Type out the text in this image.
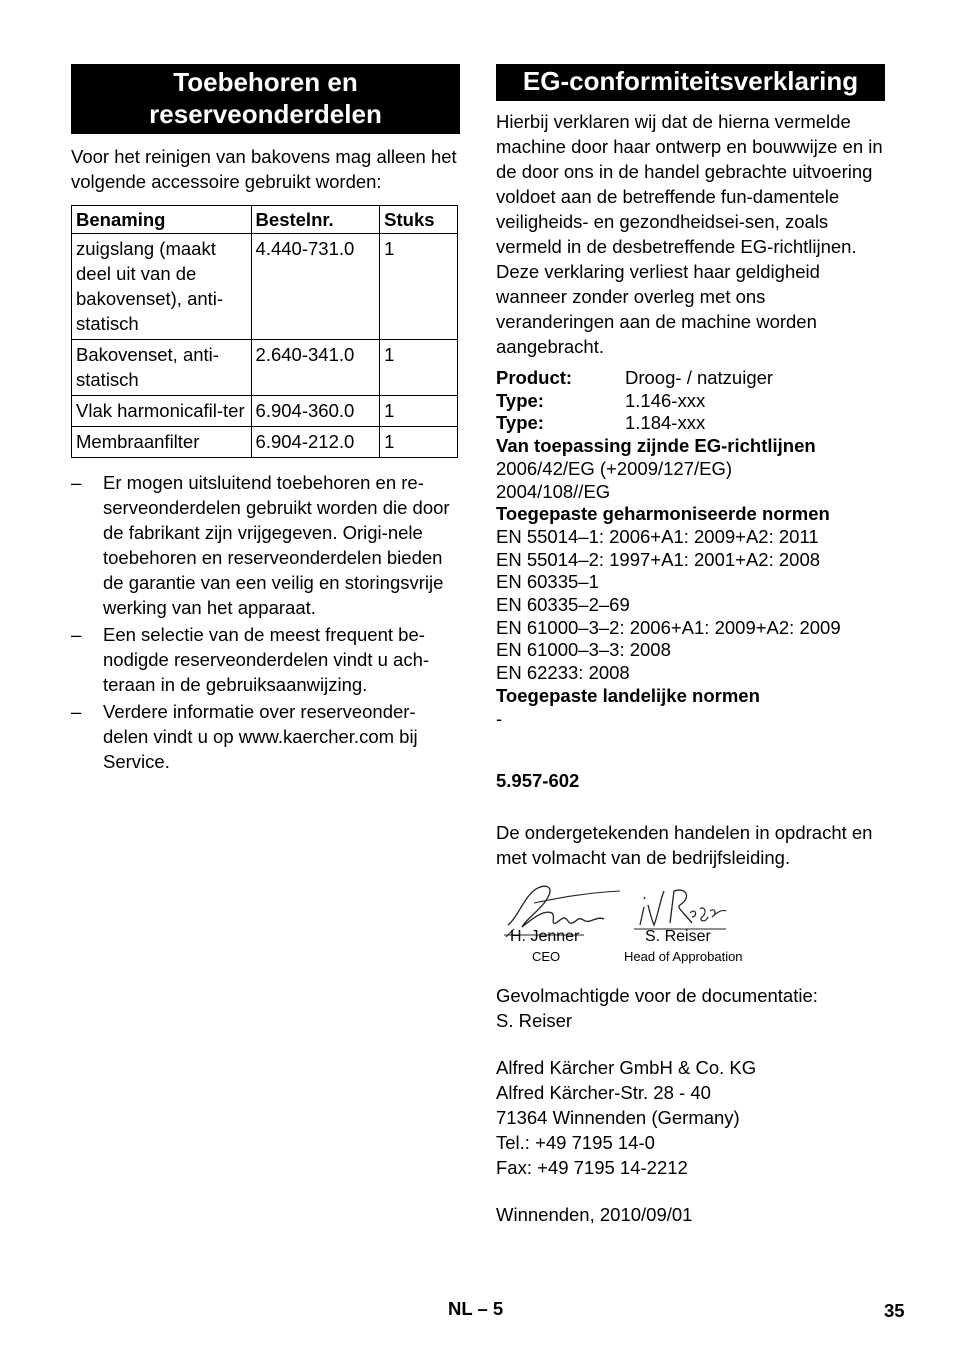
Toebehoren en
reserveonderdelen

Voor het reinigen van bakovens mag alleen het volgende accessoire gebruikt worden:

Benaming	Bestelnr.	Stuks
zuigslang (maakt deel uit van de bakovenset), anti-statisch	4.440-731.0	1
Bakovenset, anti-statisch	2.640-341.0	1
Vlak harmonicafil-ter	6.904-360.0	1
Membraanfilter	6.904-212.0	1
– Er mogen uitsluitend toebehoren en re-serveonderdelen gebruikt worden die door de fabrikant zijn vrijgegeven. Origi-nele toebehoren en reserveonderdelen bieden de garantie van een veilig en storingsvrije werking van het apparaat.
– Een selectie van de meest frequent be-nodigde reserveonderdelen vindt u ach-teraan in de gebruiksaanwijzing.
– Verdere informatie over reserveonder-delen vindt u op www.kaercher.com bij Service.
EG-conformiteitsverklaring

Hierbij verklaren wij dat de hierna vermelde machine door haar ontwerp en bouwwijze en in de door ons in de handel gebrachte uitvoering voldoet aan de betreffende fun-damentele veiligheids- en gezondheidsei-sen, zoals vermeld in de desbetreffende EG-richtlijnen. Deze verklaring verliest haar geldigheid wanneer zonder overleg met ons veranderingen aan de machine worden aangebracht.

Product:	Droog- / natzuiger
Type:	1.146-xxx
Type:	1.184-xxx
Van toepassing zijnde EG-richtlijnen
2006/42/EG (+2009/127/EG)
2004/108//EG
Toegepaste geharmoniseerde normen
EN 55014–1: 2006+A1: 2009+A2: 2011
EN 55014–2: 1997+A1: 2001+A2: 2008
EN 60335–1
EN 60335–2–69
EN 61000–3–2: 2006+A1: 2009+A2: 2009
EN 61000–3–3: 2008
EN 62233: 2008
Toegepaste landelijke normen
-
5.957-602

De ondergetekenden handelen in opdracht en met volmacht van de bedrijfsleiding.

H. Jenner
CEO
S. Reiser
Head of Approbation
Gevolmachtigde voor de documentatie:
S. Reiser
Alfred Kärcher GmbH & Co. KG
Alfred Kärcher-Str. 28 - 40
71364 Winnenden (Germany)
Tel.: +49 7195 14-0
Fax: +49 7195 14-2212
Winnenden, 2010/09/01
NL – 5	35
